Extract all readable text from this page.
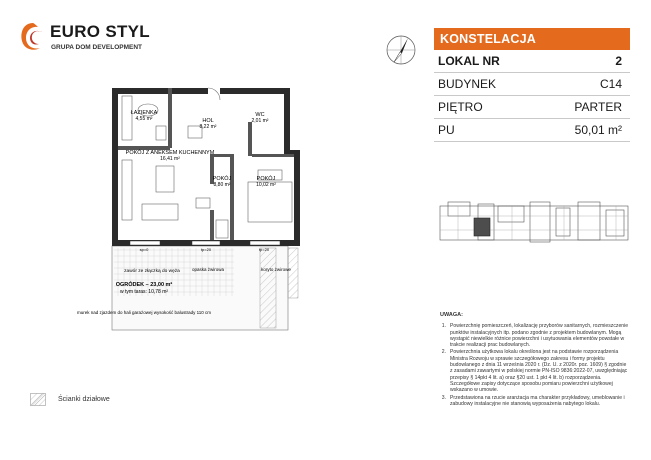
EURO STYL
GRUPA DOM DEVELOPMENT
ŁAZIENKA
4,55 m²	HOL
8,22 m²
WC
2,01 m²
POKÓJ Z ANEKSEM KUCHENNYM
16,41 m²
POKÓJ
8,80 m²
POKÓJ
10,02 m²
sp=0	tp=20	tp=20
zawór ze złączką do węża	opaska żwirowa	koryto żwirowe
OGRÓDEK – 23,00 m²
w tym taras: 10,78 m²
murek nad zjazdem do hali garażowej wysokość balustrady 110 cm
Ścianki działowe
KONSTELACJA
LOKAL NR	2
BUDYNEK	C14
PIĘTRO	PARTER
PU	50,01 m²
UWAGA:
1. Powierzchnię pomieszczeń, lokalizację przyborów sanitarnych, rozmieszczenie punktów instalacyjnych itp. podano zgodnie z projektem budowlanym. Mogą wystąpić niewielkie różnice powierzchni i usytuowania elementów powstałe w trakcie realizacji prac budowlanych.
2. Powierzchnia użytkowa lokalu określona jest na podstawie rozporządzenia Ministra Rozwoju w sprawie szczegółowego zakresu i formy projektu budowlanego z dnia 11 września 2020 r. (Dz. U. z 2020r. poz. 1609) § zgodnie z zasadami zawartymi w polskiej normie PN-ISO 9836:2022-07, uwzględniając przepisy § 14pkt 4 lit. a) oraz §20 ust. 1 pkt 4 lit. b) rozporządzenia. Szczegółowe zapisy dotyczące sposobu pomiaru powierzchni użytkowej wskazano w umowie.
3. Przedstawiona na rzucie aranżacja ma charakter przykładowy, umeblowanie i zabudowy instalacyjne nie stanowią wyposażenia nabytego lokalu.
